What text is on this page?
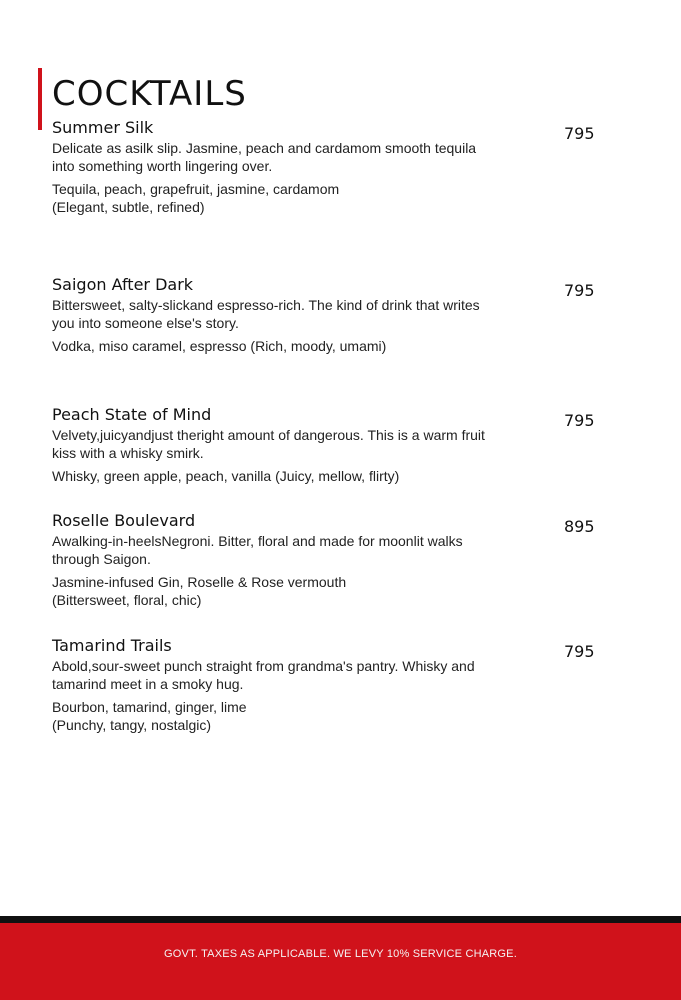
COCKTAILS
Summer Silk	795

Delicate as asilk slip. Jasmine, peach and cardamom smooth tequila into something worth lingering over.

Tequila, peach, grapefruit, jasmine, cardamom
(Elegant, subtle, refined)

Saigon After Dark	795

Bittersweet, salty-slickand espresso-rich. The kind of drink that writes you into someone else's story.

Vodka, miso caramel, espresso (Rich, moody, umami)

Peach State of Mind	795

Velvety,juicyandjust theright amount of dangerous. This is a warm fruit kiss with a whisky smirk.

Whisky, green apple, peach, vanilla (Juicy, mellow, flirty)

Roselle Boulevard	895

Awalking-in-heelsNegroni. Bitter, floral and made for moonlit walks through Saigon.

Jasmine-infused Gin, Roselle & Rose vermouth
(Bittersweet, floral, chic)

Tamarind Trails	795

Abold,sour-sweet punch straight from grandma's pantry. Whisky and tamarind meet in a smoky hug.

Bourbon, tamarind, ginger, lime
(Punchy, tangy, nostalgic)

GOVT. TAXES AS APPLICABLE. WE LEVY 10% SERVICE CHARGE.
